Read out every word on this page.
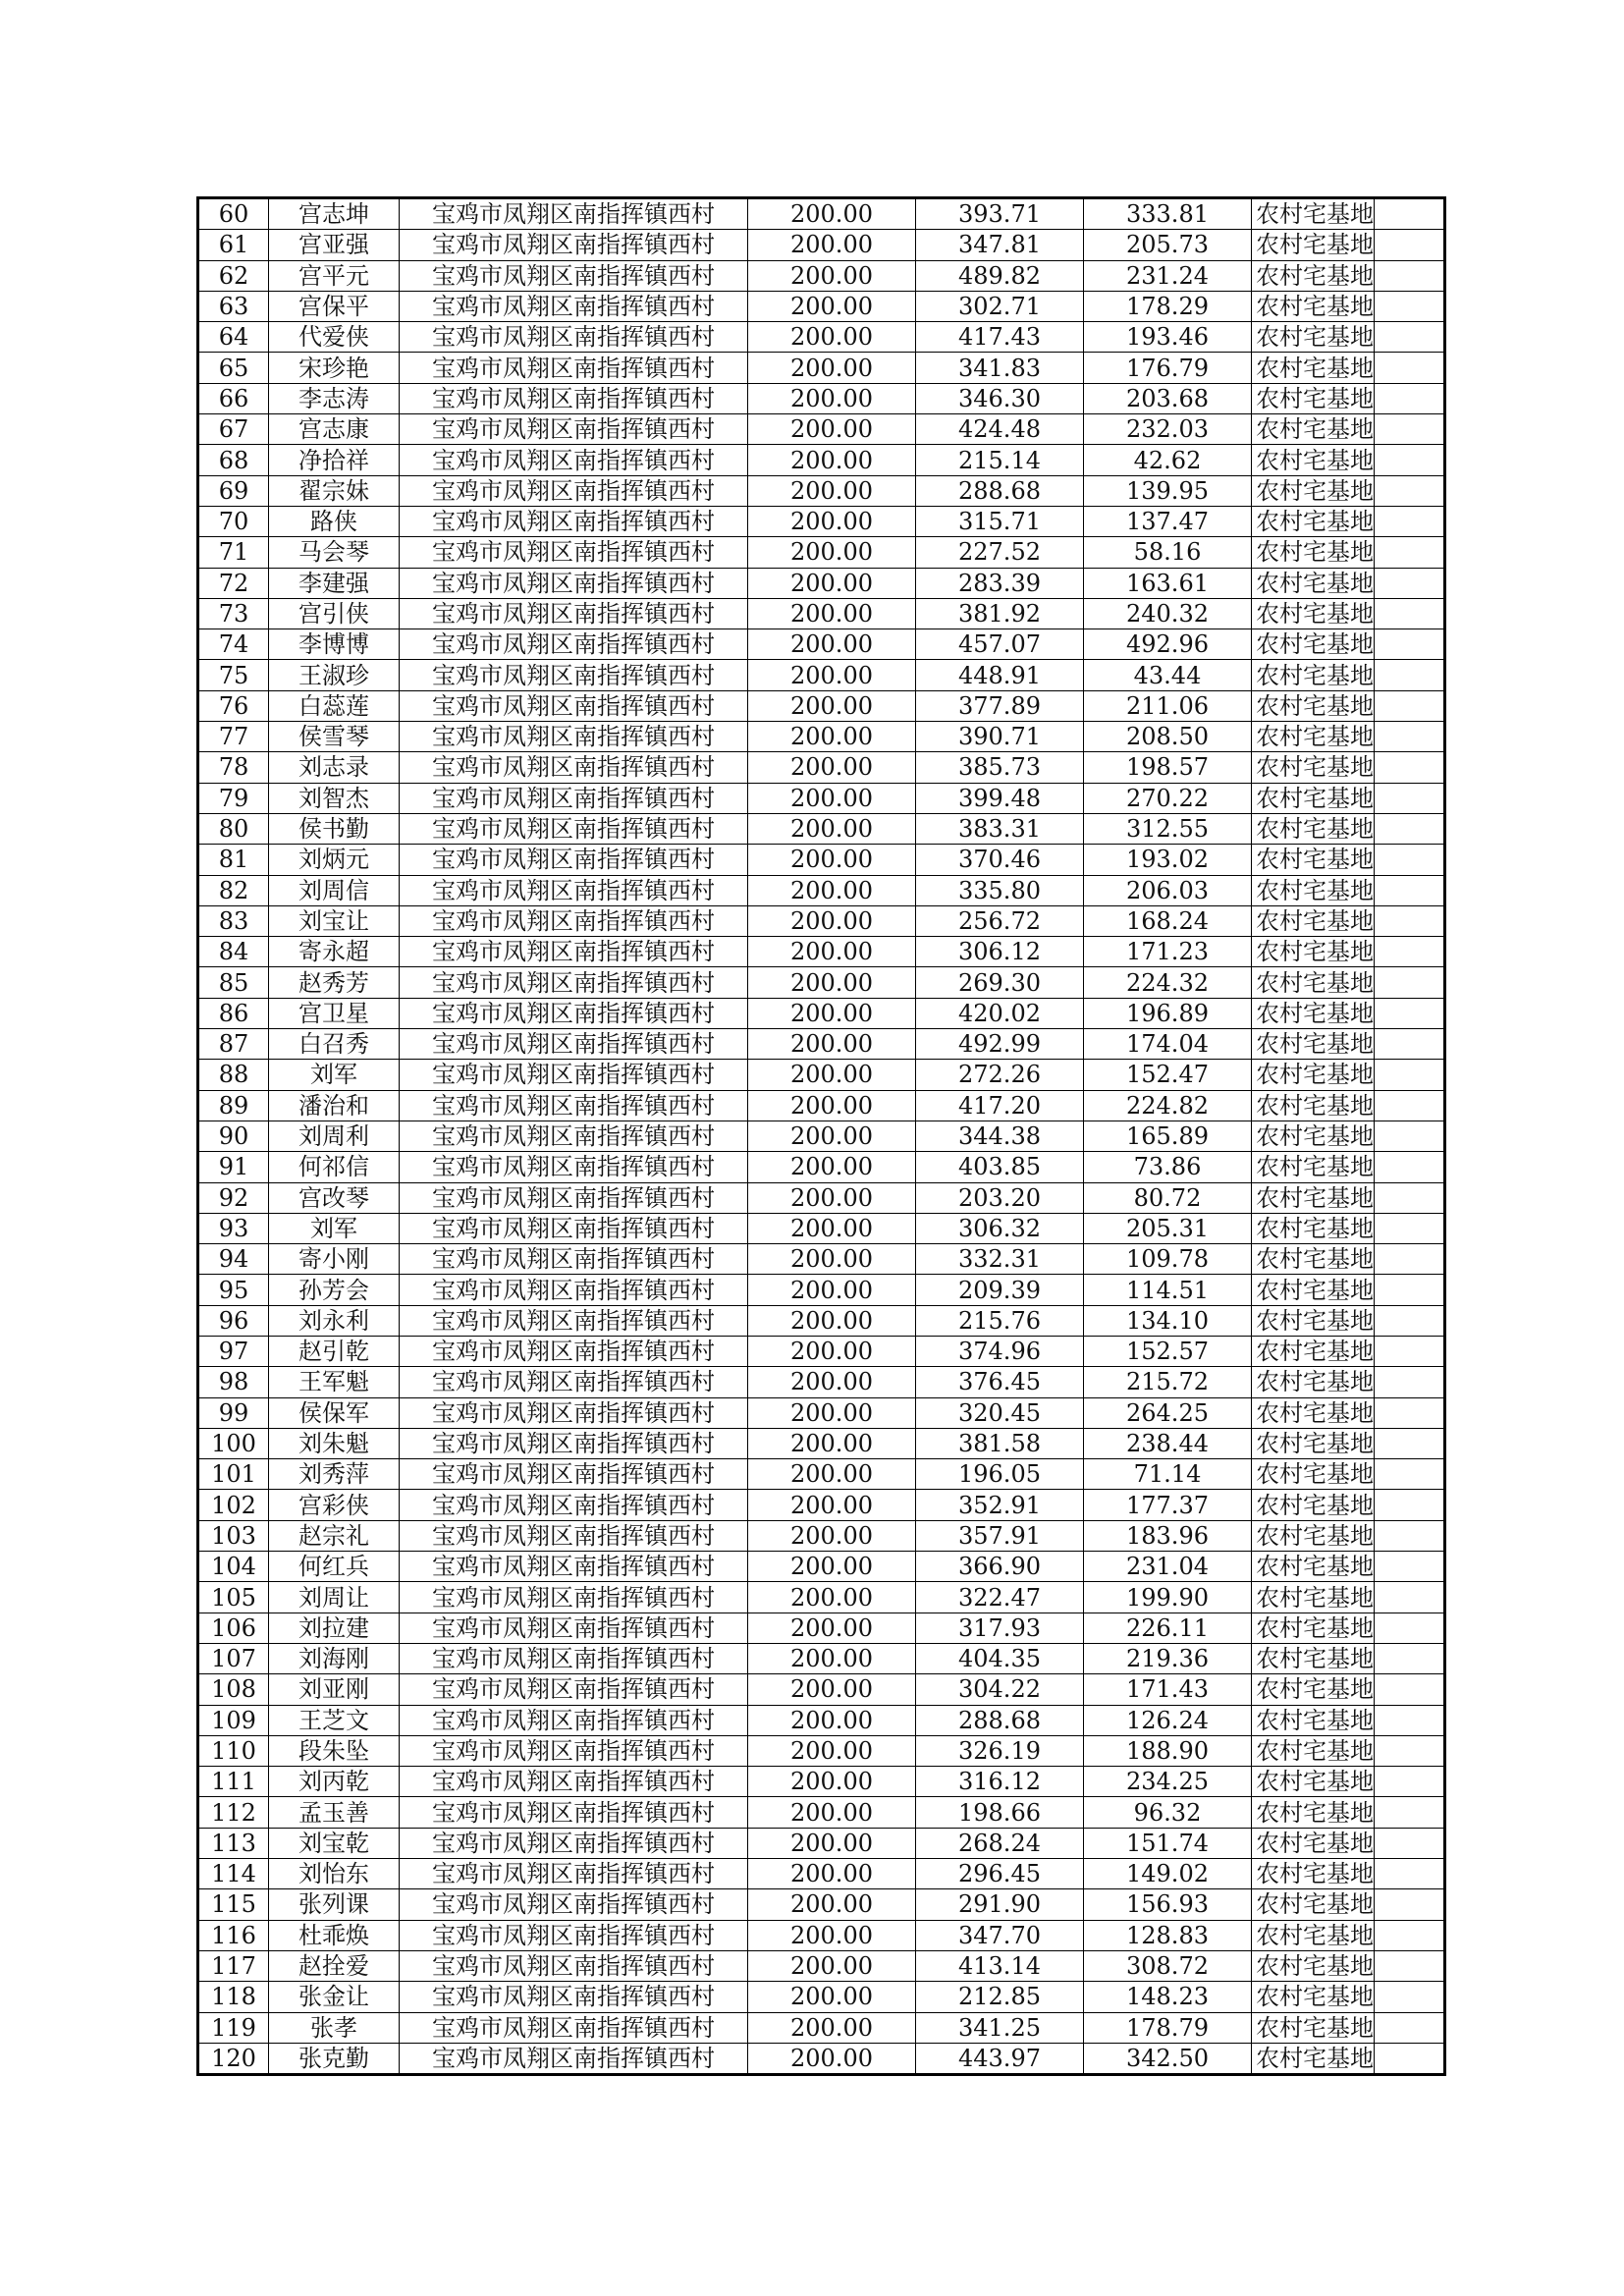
60	宫志坤	宝鸡市凤翔区南指挥镇西村	200.00	393.71	333.81	农村宅基地	
61	宫亚强	宝鸡市凤翔区南指挥镇西村	200.00	347.81	205.73	农村宅基地	
62	宫平元	宝鸡市凤翔区南指挥镇西村	200.00	489.82	231.24	农村宅基地	
63	宫保平	宝鸡市凤翔区南指挥镇西村	200.00	302.71	178.29	农村宅基地	
64	代爱侠	宝鸡市凤翔区南指挥镇西村	200.00	417.43	193.46	农村宅基地	
65	宋珍艳	宝鸡市凤翔区南指挥镇西村	200.00	341.83	176.79	农村宅基地	
66	李志涛	宝鸡市凤翔区南指挥镇西村	200.00	346.30	203.68	农村宅基地	
67	宫志康	宝鸡市凤翔区南指挥镇西村	200.00	424.48	232.03	农村宅基地	
68	净拾祥	宝鸡市凤翔区南指挥镇西村	200.00	215.14	42.62	农村宅基地	
69	翟宗妹	宝鸡市凤翔区南指挥镇西村	200.00	288.68	139.95	农村宅基地	
70	路侠	宝鸡市凤翔区南指挥镇西村	200.00	315.71	137.47	农村宅基地	
71	马会琴	宝鸡市凤翔区南指挥镇西村	200.00	227.52	58.16	农村宅基地	
72	李建强	宝鸡市凤翔区南指挥镇西村	200.00	283.39	163.61	农村宅基地	
73	宫引侠	宝鸡市凤翔区南指挥镇西村	200.00	381.92	240.32	农村宅基地	
74	李博博	宝鸡市凤翔区南指挥镇西村	200.00	457.07	492.96	农村宅基地	
75	王淑珍	宝鸡市凤翔区南指挥镇西村	200.00	448.91	43.44	农村宅基地	
76	白蕊莲	宝鸡市凤翔区南指挥镇西村	200.00	377.89	211.06	农村宅基地	
77	侯雪琴	宝鸡市凤翔区南指挥镇西村	200.00	390.71	208.50	农村宅基地	
78	刘志录	宝鸡市凤翔区南指挥镇西村	200.00	385.73	198.57	农村宅基地	
79	刘智杰	宝鸡市凤翔区南指挥镇西村	200.00	399.48	270.22	农村宅基地	
80	侯书勤	宝鸡市凤翔区南指挥镇西村	200.00	383.31	312.55	农村宅基地	
81	刘炳元	宝鸡市凤翔区南指挥镇西村	200.00	370.46	193.02	农村宅基地	
82	刘周信	宝鸡市凤翔区南指挥镇西村	200.00	335.80	206.03	农村宅基地	
83	刘宝让	宝鸡市凤翔区南指挥镇西村	200.00	256.72	168.24	农村宅基地	
84	寄永超	宝鸡市凤翔区南指挥镇西村	200.00	306.12	171.23	农村宅基地	
85	赵秀芳	宝鸡市凤翔区南指挥镇西村	200.00	269.30	224.32	农村宅基地	
86	宫卫星	宝鸡市凤翔区南指挥镇西村	200.00	420.02	196.89	农村宅基地	
87	白召秀	宝鸡市凤翔区南指挥镇西村	200.00	492.99	174.04	农村宅基地	
88	刘军	宝鸡市凤翔区南指挥镇西村	200.00	272.26	152.47	农村宅基地	
89	潘治和	宝鸡市凤翔区南指挥镇西村	200.00	417.20	224.82	农村宅基地	
90	刘周利	宝鸡市凤翔区南指挥镇西村	200.00	344.38	165.89	农村宅基地	
91	何祁信	宝鸡市凤翔区南指挥镇西村	200.00	403.85	73.86	农村宅基地	
92	宫改琴	宝鸡市凤翔区南指挥镇西村	200.00	203.20	80.72	农村宅基地	
93	刘军	宝鸡市凤翔区南指挥镇西村	200.00	306.32	205.31	农村宅基地	
94	寄小刚	宝鸡市凤翔区南指挥镇西村	200.00	332.31	109.78	农村宅基地	
95	孙芳会	宝鸡市凤翔区南指挥镇西村	200.00	209.39	114.51	农村宅基地	
96	刘永利	宝鸡市凤翔区南指挥镇西村	200.00	215.76	134.10	农村宅基地	
97	赵引乾	宝鸡市凤翔区南指挥镇西村	200.00	374.96	152.57	农村宅基地	
98	王军魁	宝鸡市凤翔区南指挥镇西村	200.00	376.45	215.72	农村宅基地	
99	侯保军	宝鸡市凤翔区南指挥镇西村	200.00	320.45	264.25	农村宅基地	
100	刘朱魁	宝鸡市凤翔区南指挥镇西村	200.00	381.58	238.44	农村宅基地	
101	刘秀萍	宝鸡市凤翔区南指挥镇西村	200.00	196.05	71.14	农村宅基地	
102	宫彩侠	宝鸡市凤翔区南指挥镇西村	200.00	352.91	177.37	农村宅基地	
103	赵宗礼	宝鸡市凤翔区南指挥镇西村	200.00	357.91	183.96	农村宅基地	
104	何红兵	宝鸡市凤翔区南指挥镇西村	200.00	366.90	231.04	农村宅基地	
105	刘周让	宝鸡市凤翔区南指挥镇西村	200.00	322.47	199.90	农村宅基地	
106	刘拉建	宝鸡市凤翔区南指挥镇西村	200.00	317.93	226.11	农村宅基地	
107	刘海刚	宝鸡市凤翔区南指挥镇西村	200.00	404.35	219.36	农村宅基地	
108	刘亚刚	宝鸡市凤翔区南指挥镇西村	200.00	304.22	171.43	农村宅基地	
109	王芝文	宝鸡市凤翔区南指挥镇西村	200.00	288.68	126.24	农村宅基地	
110	段朱坠	宝鸡市凤翔区南指挥镇西村	200.00	326.19	188.90	农村宅基地	
111	刘丙乾	宝鸡市凤翔区南指挥镇西村	200.00	316.12	234.25	农村宅基地	
112	孟玉善	宝鸡市凤翔区南指挥镇西村	200.00	198.66	96.32	农村宅基地	
113	刘宝乾	宝鸡市凤翔区南指挥镇西村	200.00	268.24	151.74	农村宅基地	
114	刘怡东	宝鸡市凤翔区南指挥镇西村	200.00	296.45	149.02	农村宅基地	
115	张列课	宝鸡市凤翔区南指挥镇西村	200.00	291.90	156.93	农村宅基地	
116	杜乖焕	宝鸡市凤翔区南指挥镇西村	200.00	347.70	128.83	农村宅基地	
117	赵拴爱	宝鸡市凤翔区南指挥镇西村	200.00	413.14	308.72	农村宅基地	
118	张金让	宝鸡市凤翔区南指挥镇西村	200.00	212.85	148.23	农村宅基地	
119	张孝	宝鸡市凤翔区南指挥镇西村	200.00	341.25	178.79	农村宅基地	
120	张克勤	宝鸡市凤翔区南指挥镇西村	200.00	443.97	342.50	农村宅基地	
